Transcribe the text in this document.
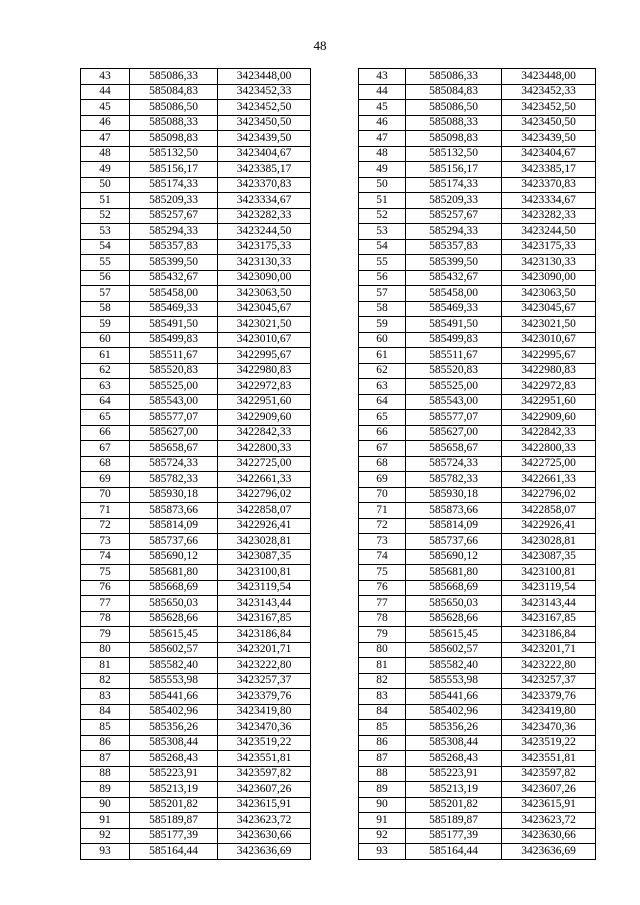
48
43	585086,33	3423448,00		43	585086,33	3423448,00
44	585084,83	3423452,33		44	585084,83	3423452,33
45	585086,50	3423452,50		45	585086,50	3423452,50
46	585088,33	3423450,50		46	585088,33	3423450,50
47	585098,83	3423439,50		47	585098,83	3423439,50
48	585132,50	3423404,67		48	585132,50	3423404,67
49	585156,17	3423385,17		49	585156,17	3423385,17
50	585174,33	3423370,83		50	585174,33	3423370,83
51	585209,33	3423334,67		51	585209,33	3423334,67
52	585257,67	3423282,33		52	585257,67	3423282,33
53	585294,33	3423244,50		53	585294,33	3423244,50
54	585357,83	3423175,33		54	585357,83	3423175,33
55	585399,50	3423130,33		55	585399,50	3423130,33
56	585432,67	3423090,00		56	585432,67	3423090,00
57	585458,00	3423063,50		57	585458,00	3423063,50
58	585469,33	3423045,67		58	585469,33	3423045,67
59	585491,50	3423021,50		59	585491,50	3423021,50
60	585499,83	3423010,67		60	585499,83	3423010,67
61	585511,67	3422995,67		61	585511,67	3422995,67
62	585520,83	3422980,83		62	585520,83	3422980,83
63	585525,00	3422972,83		63	585525,00	3422972,83
64	585543,00	3422951,60		64	585543,00	3422951,60
65	585577,07	3422909,60		65	585577,07	3422909,60
66	585627,00	3422842,33		66	585627,00	3422842,33
67	585658,67	3422800,33		67	585658,67	3422800,33
68	585724,33	3422725,00		68	585724,33	3422725,00
69	585782,33	3422661,33		69	585782,33	3422661,33
70	585930,18	3422796,02		70	585930,18	3422796,02
71	585873,66	3422858,07		71	585873,66	3422858,07
72	585814,09	3422926,41		72	585814,09	3422926,41
73	585737,66	3423028,81		73	585737,66	3423028,81
74	585690,12	3423087,35		74	585690,12	3423087,35
75	585681,80	3423100,81		75	585681,80	3423100,81
76	585668,69	3423119,54		76	585668,69	3423119,54
77	585650,03	3423143,44		77	585650,03	3423143,44
78	585628,66	3423167,85		78	585628,66	3423167,85
79	585615,45	3423186,84		79	585615,45	3423186,84
80	585602,57	3423201,71		80	585602,57	3423201,71
81	585582,40	3423222,80		81	585582,40	3423222,80
82	585553,98	3423257,37		82	585553,98	3423257,37
83	585441,66	3423379,76		83	585441,66	3423379,76
84	585402,96	3423419,80		84	585402,96	3423419,80
85	585356,26	3423470,36		85	585356,26	3423470,36
86	585308,44	3423519,22		86	585308,44	3423519,22
87	585268,43	3423551,81		87	585268,43	3423551,81
88	585223,91	3423597,82		88	585223,91	3423597,82
89	585213,19	3423607,26		89	585213,19	3423607,26
90	585201,82	3423615,91		90	585201,82	3423615,91
91	585189,87	3423623,72		91	585189,87	3423623,72
92	585177,39	3423630,66		92	585177,39	3423630,66
93	585164,44	3423636,69		93	585164,44	3423636,69
